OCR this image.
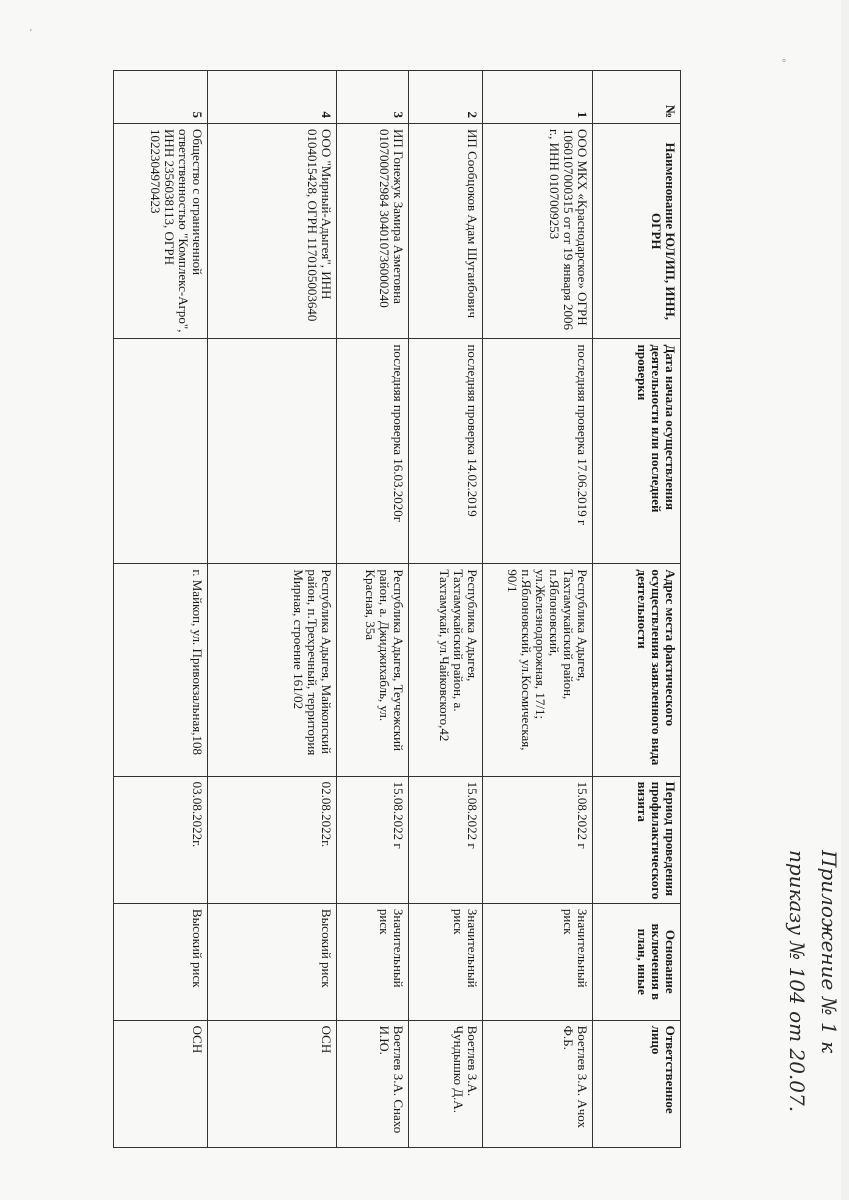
'
°
№	Наименование ЮЛ/ИП, ИНН, ОГРН	Дата начала осуществления деятельности или последней проверки	Адрес места фактического осуществления заявленного вида деятельности	Период проведения профилактического визита	Основание включения в план, иные	Ответственное лицо
1	ООО МКХ «Краснодарское» ОГРН 1060107000315 от от 19 января 2006 г., ИНН 0107009253	последняя проверка 17.06.2019 г	Республика Адыгея, Тахтамукайский район, п.Яблоновский, ул.Железнодорожная, 17/1; п.Яблоновский, ул.Космическая, 90/1	15.08.2022 г	Значительный риск	Воетлев З.А. Ачох Ф.Б.
2	ИП Сообцоков Адам Шугаибович	последняя проверка 14.02.2019	Республика Адыгея, Тахтамукайский район, а. Тахтамукай, ул.Чайковского,42	15.08.2022 г	Значительный риск	Воетлев З.А. Чундышко Д.А.
3	ИП Гонежук Замира Азметовна 010700072984 304010736000240	последняя проверка 16.03.2020г	Республика Адыгея, Теучежский район, а. Джиджихабль, ул. Красная, 35а	15.08.2022 г	Значительный риск	Воетлев З.А. Снахо И.Ю.
4	ООО "Мирный-Адыгея", ИНН 0104015428, ОГРН 1170105003640		Республика Адыгея, Майкопский район, п.Трехречный, территория Мирная, строение 161/02	02.08.2022г.	Высокий риск	ОСН
5	Общество с ограниченной ответственностью "Комплекс-Агро", ИНН 2356038113, ОГРН 1022304970423		г. Майкоп, ул. Привокзальная,108	03.08.2022г.	Высокий риск	ОСН	Приложение № 1 к
приказу № 104 от 20.07.
